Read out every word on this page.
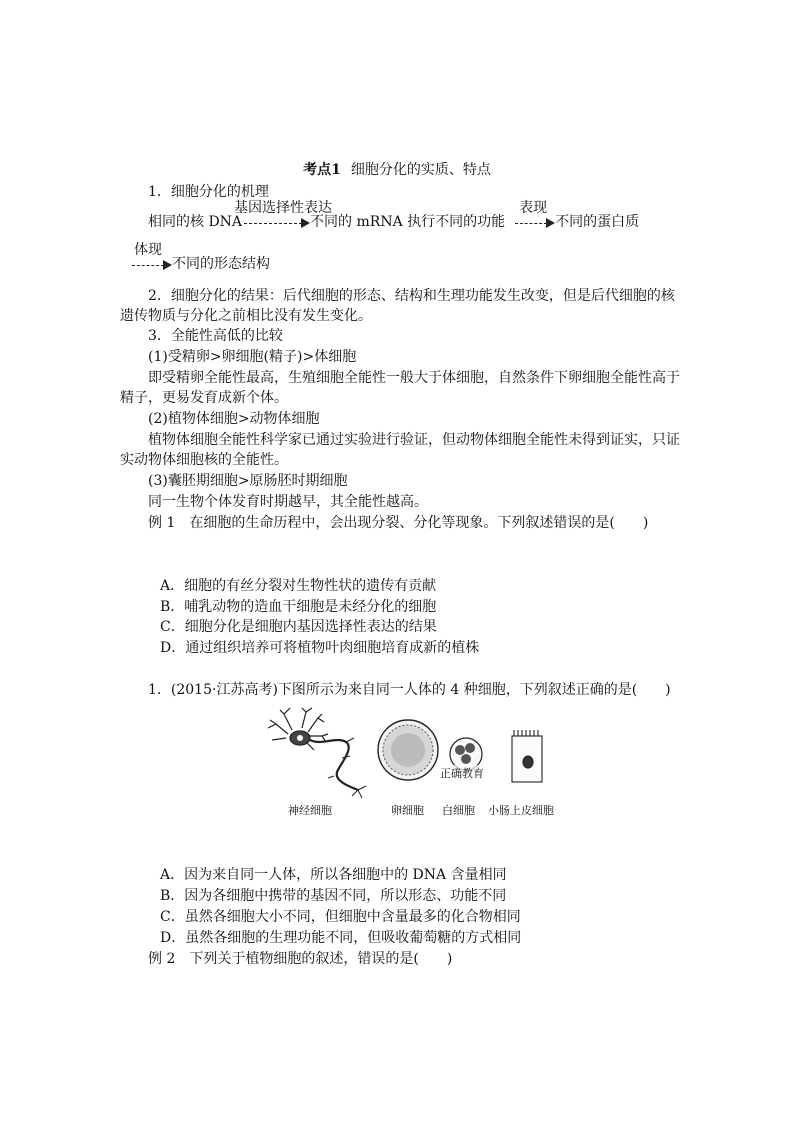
考点1 细胞分化的实质、特点
1．细胞分化的机理
相同的核 DNA
基因选择性表达
不同的 mRNA 执行不同的功能
表现
不同的蛋白质
体现
不同的形态结构
2．细胞分化的结果：后代细胞的形态、结构和生理功能发生改变，但是后代细胞的核
遗传物质与分化之前相比没有发生变化。
3．全能性高低的比较
(1)受精卵>卵细胞(精子)>体细胞
即受精卵全能性最高，生殖细胞全能性一般大于体细胞，自然条件下卵细胞全能性高于
精子，更易发育成新个体。
(2)植物体细胞>动物体细胞
植物体细胞全能性科学家已通过实验进行验证，但动物体细胞全能性未得到证实，只证
实动物体细胞核的全能性。
(3)囊胚期细胞>原肠胚时期细胞
同一生物个体发育时期越早，其全能性越高。
例 1　在细胞的生命历程中，会出现分裂、分化等现象。下列叙述错误的是(　　)
A．细胞的有丝分裂对生物性状的遗传有贡献
B．哺乳动物的造血干细胞是未经分化的细胞
C．细胞分化是细胞内基因选择性表达的结果
D．通过组织培养可将植物叶肉细胞培育成新的植株
1．(2015·江苏高考)下图所示为来自同一人体的 4 种细胞，下列叙述正确的是(　　)
正确教育
神经细胞	卵细胞 白细胞 小肠上皮细胞
A．因为来自同一人体，所以各细胞中的 DNA 含量相同
B．因为各细胞中携带的基因不同，所以形态、功能不同
C．虽然各细胞大小不同，但细胞中含量最多的化合物相同
D．虽然各细胞的生理功能不同，但吸收葡萄糖的方式相同
例 2　下列关于植物细胞的叙述，错误的是(　　)
